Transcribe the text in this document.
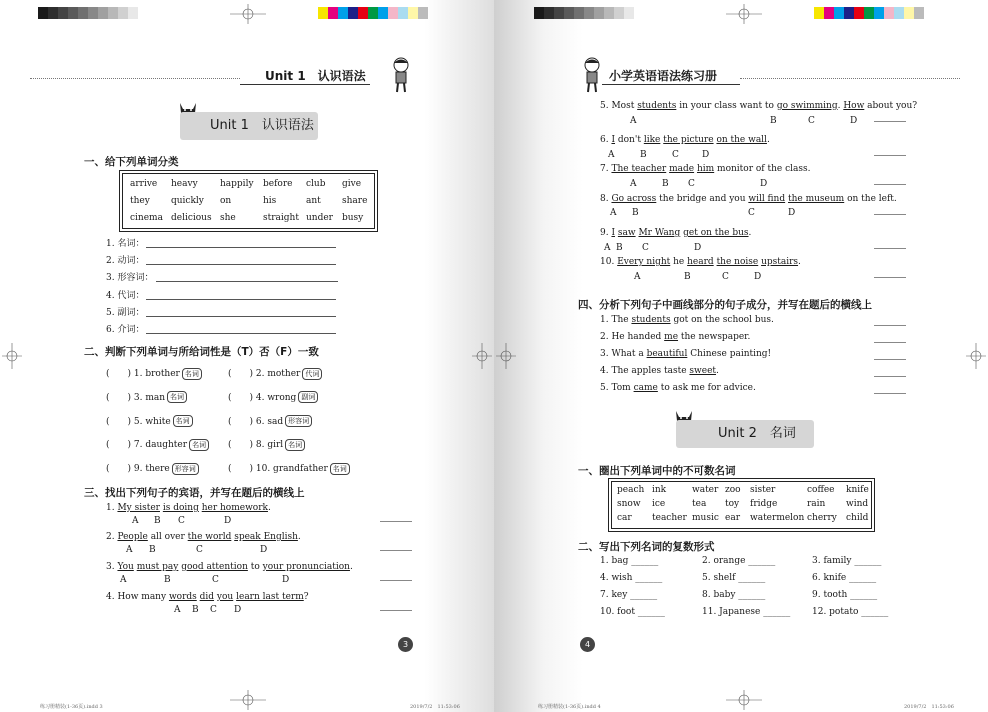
Unit 1　认识语法
Unit 1　认识语法
一、给下列单词分类
arrive heavy happily before club give
they quickly on	his	ant share
cinema delicious she	straight under busy
1. 名词：
2. 动词：
3. 形容词：
4. 代词：
5. 副词：
6. 介词：
二、判断下列单词与所给词性是（T）否（F）一致
(　　) 1. brother 名词	(　　) 2. mother 代词
(　　) 3. man 名词	(　　) 4. wrong 副词
(　　) 5. white 名词	(　　) 6. sad 形容词
(　　) 7. daughter 名词	(　　) 8. girl 名词
(　　) 9. there 形容词	(　　) 10. grandfather 名词
三、找出下列句子的宾语，并写在题后的横线上
1. My sister is doing her homework.
A B C	D
2. People all over the world speak English.
A B	C	D
3. You must pay good attention to your pronunciation.
A	B	C	D
4. How many words did you learn last term?
A B C D
3
练习册精装(1-36页).indd 3	2019/7/2　11:53:06
小学英语语法练习册
5. Most students in your class want to go swimming. How about you?
A	B	C	D
6. I don't like the picture on the wall.
A	B	C	D
7. The teacher made him monitor of the class.
A	B C	D
8. Go across the bridge and you will find the museum on the left.
A B	C	D
9. I saw Mr Wang get on the bus.
A B C	D
10. Every night he heard the noise upstairs.
A	B	C	D
四、分析下列句子中画线部分的句子成分，并写在题后的横线上
1. The students got on the school bus.
2. He handed me the newspaper.
3. What a beautiful Chinese painting!
4. The apples taste sweet.
5. Tom came to ask me for advice.
Unit 2　名词
一、圈出下列单词中的不可数名词
peach ink	water zoo sister	coffee knife
snow ice	tea toy fridge	rain wind
car teacher music ear watermelon cherry child
二、写出下列名词的复数形式
1. bag ______	2. orange ______	3. family ______
4. wish ______	5. shelf ______	6. knife ______
7. key ______	8. baby ______	9. tooth ______
10. foot ______	11. Japanese ______ 12. potato ______
4
练习册精装(1-36页).indd 4	2019/7/2　11:53:06
